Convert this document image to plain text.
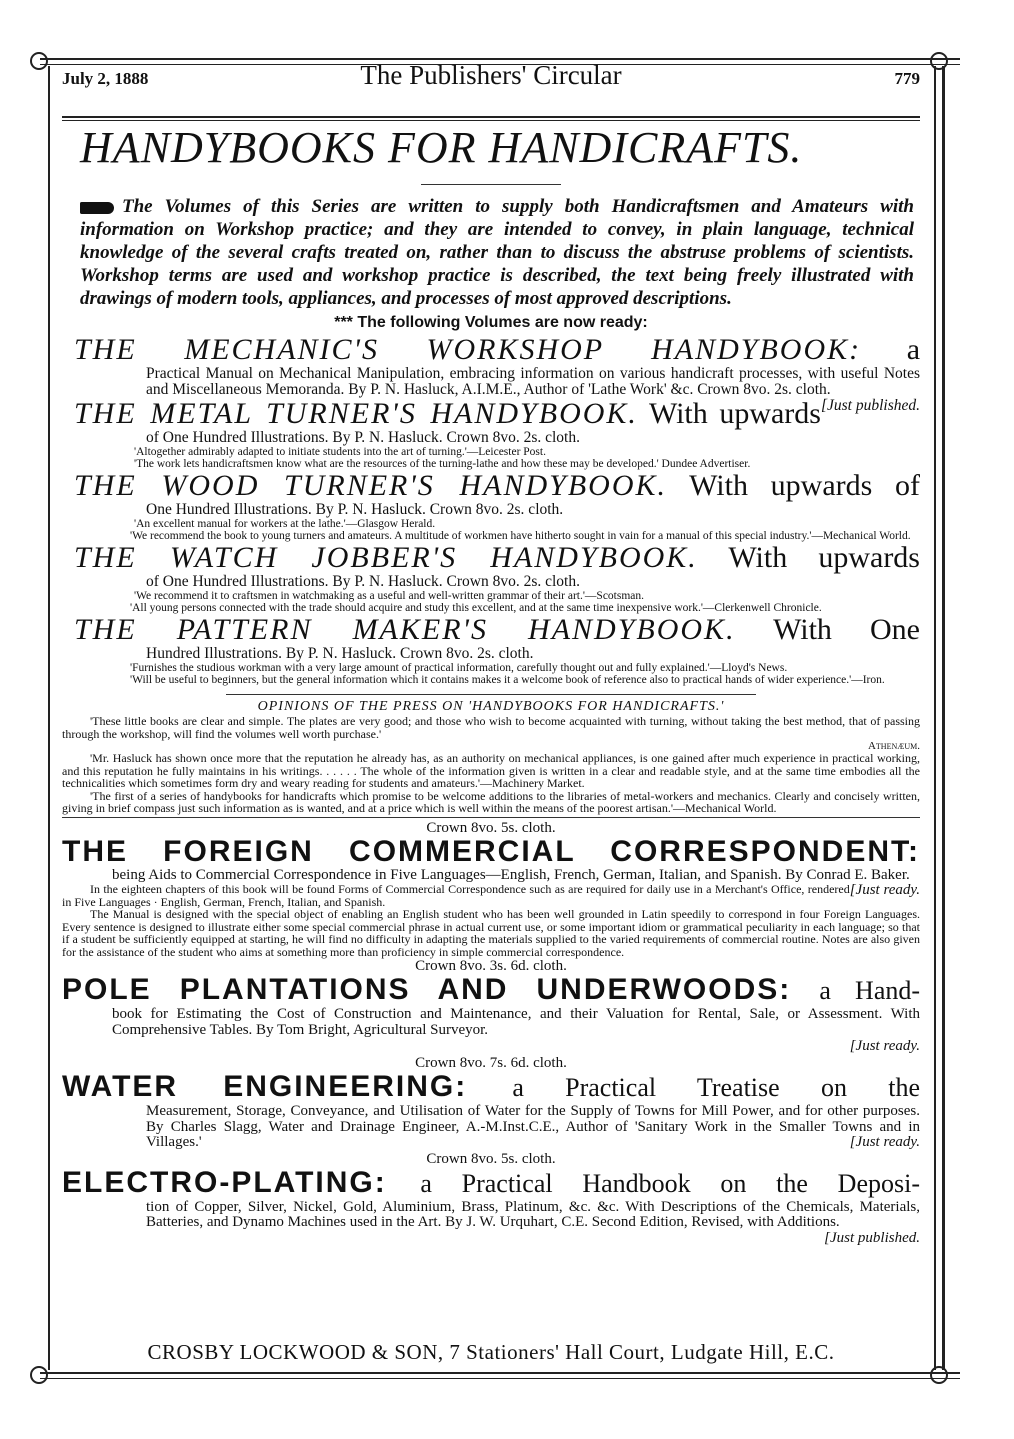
July 2, 1888	The Publishers' Circular	779
HANDYBOOKS FOR HANDICRAFTS.
The Volumes of this Series are written to supply both Handicraftsmen and Amateurs with information on Workshop practice; and they are intended to convey, in plain language, technical knowledge of the several crafts treated on, rather than to discuss the abstruse problems of scientists. Workshop terms are used and workshop practice is described, the text being freely illustrated with drawings of modern tools, appliances, and processes of most approved descriptions.
*** The following Volumes are now ready:
THE MECHANIC'S WORKSHOP HANDYBOOK: a
Practical Manual on Mechanical Manipulation, embracing information on various handicraft processes, with useful Notes and Miscellaneous Memoranda. By P. N. Hasluck, A.I.M.E., Author of 'Lathe Work' &c. Crown 8vo. 2s. cloth.
[Just published.
THE METAL TURNER'S HANDYBOOK. With upwards
of One Hundred Illustrations. By P. N. Hasluck. Crown 8vo. 2s. cloth.
'Altogether admirably adapted to initiate students into the art of turning.'—Leicester Post.
'The work lets handicraftsmen know what are the resources of the turning-lathe and how these may be developed.' Dundee Advertiser.
THE WOOD TURNER'S HANDYBOOK. With upwards of
One Hundred Illustrations. By P. N. Hasluck. Crown 8vo. 2s. cloth.
'An excellent manual for workers at the lathe.'—Glasgow Herald.
'We recommend the book to young turners and amateurs. A multitude of workmen have hitherto sought in vain for a manual of this special industry.'—Mechanical World.
THE WATCH JOBBER'S HANDYBOOK. With upwards
of One Hundred Illustrations. By P. N. Hasluck. Crown 8vo. 2s. cloth.
'We recommend it to craftsmen in watchmaking as a useful and well-written grammar of their art.'—Scotsman.
'All young persons connected with the trade should acquire and study this excellent, and at the same time inexpensive work.'—Clerkenwell Chronicle.
THE PATTERN MAKER'S HANDYBOOK. With One
Hundred Illustrations. By P. N. Hasluck. Crown 8vo. 2s. cloth.
'Furnishes the studious workman with a very large amount of practical information, carefully thought out and fully explained.'—Lloyd's News.
'Will be useful to beginners, but the general information which it contains makes it a welcome book of reference also to practical hands of wider experience.'—Iron.
OPINIONS OF THE PRESS ON 'HANDYBOOKS FOR HANDICRAFTS.'
'These little books are clear and simple. The plates are very good; and those who wish to become acquainted with turning, without taking the best method, that of passing through the workshop, will find the volumes well worth purchase.'
Athenæum.
'Mr. Hasluck has shown once more that the reputation he already has, as an authority on mechanical appliances, is one gained after much experience in practical working, and this reputation he fully maintains in his writings. . . . . . The whole of the information given is written in a clear and readable style, and at the same time embodies all the technicalities which sometimes form dry and weary reading for students and amateurs.'—Machinery Market.
'The first of a series of handybooks for handicrafts which promise to be welcome additions to the libraries of metal-workers and mechanics. Clearly and concisely written, giving in brief compass just such information as is wanted, and at a price which is well within the means of the poorest artisan.'—Mechanical World.
Crown 8vo. 5s. cloth.
THE FOREIGN COMMERCIAL CORRESPONDENT:
being Aids to Commercial Correspondence in Five Languages—English, French, German, Italian, and Spanish. By Conrad E. Baker.
[Just ready.

In the eighteen chapters of this book will be found Forms of Commercial Correspondence such as are required for daily use in a Merchant's Office, rendered in Five Languages · English, German, French, Italian, and Spanish.

The Manual is designed with the special object of enabling an English student who has been well grounded in Latin speedily to correspond in four Foreign Languages. Every sentence is designed to illustrate either some special commercial phrase in actual current use, or some important idiom or grammatical peculiarity in each language; so that if a student be sufficiently equipped at starting, he will find no difficulty in adapting the materials supplied to the varied requirements of commercial routine. Notes are also given for the assistance of the student who aims at something more than proficiency in simple commercial correspondence.

Crown 8vo. 3s. 6d. cloth.
POLE PLANTATIONS AND UNDERWOODS: a Hand-
book for Estimating the Cost of Construction and Maintenance, and their Valuation for Rental, Sale, or Assessment. With Comprehensive Tables. By Tom Bright, Agricultural Surveyor.
[Just ready.
Crown 8vo. 7s. 6d. cloth.
WATER ENGINEERING: a Practical Treatise on the
Measurement, Storage, Conveyance, and Utilisation of Water for the Supply of Towns for Mill Power, and for other purposes. By Charles Slagg, Water and Drainage Engineer, A.-M.Inst.C.E., Author of 'Sanitary Work in the Smaller Towns and in Villages.'	[Just ready.
Crown 8vo. 5s. cloth.
ELECTRO-PLATING: a Practical Handbook on the Deposi-
tion of Copper, Silver, Nickel, Gold, Aluminium, Brass, Platinum, &c. &c. With Descriptions of the Chemicals, Materials, Batteries, and Dynamo Machines used in the Art. By J. W. Urquhart, C.E. Second Edition, Revised, with Additions.
[Just published.
CROSBY LOCKWOOD & SON, 7 Stationers' Hall Court, Ludgate Hill, E.C.
